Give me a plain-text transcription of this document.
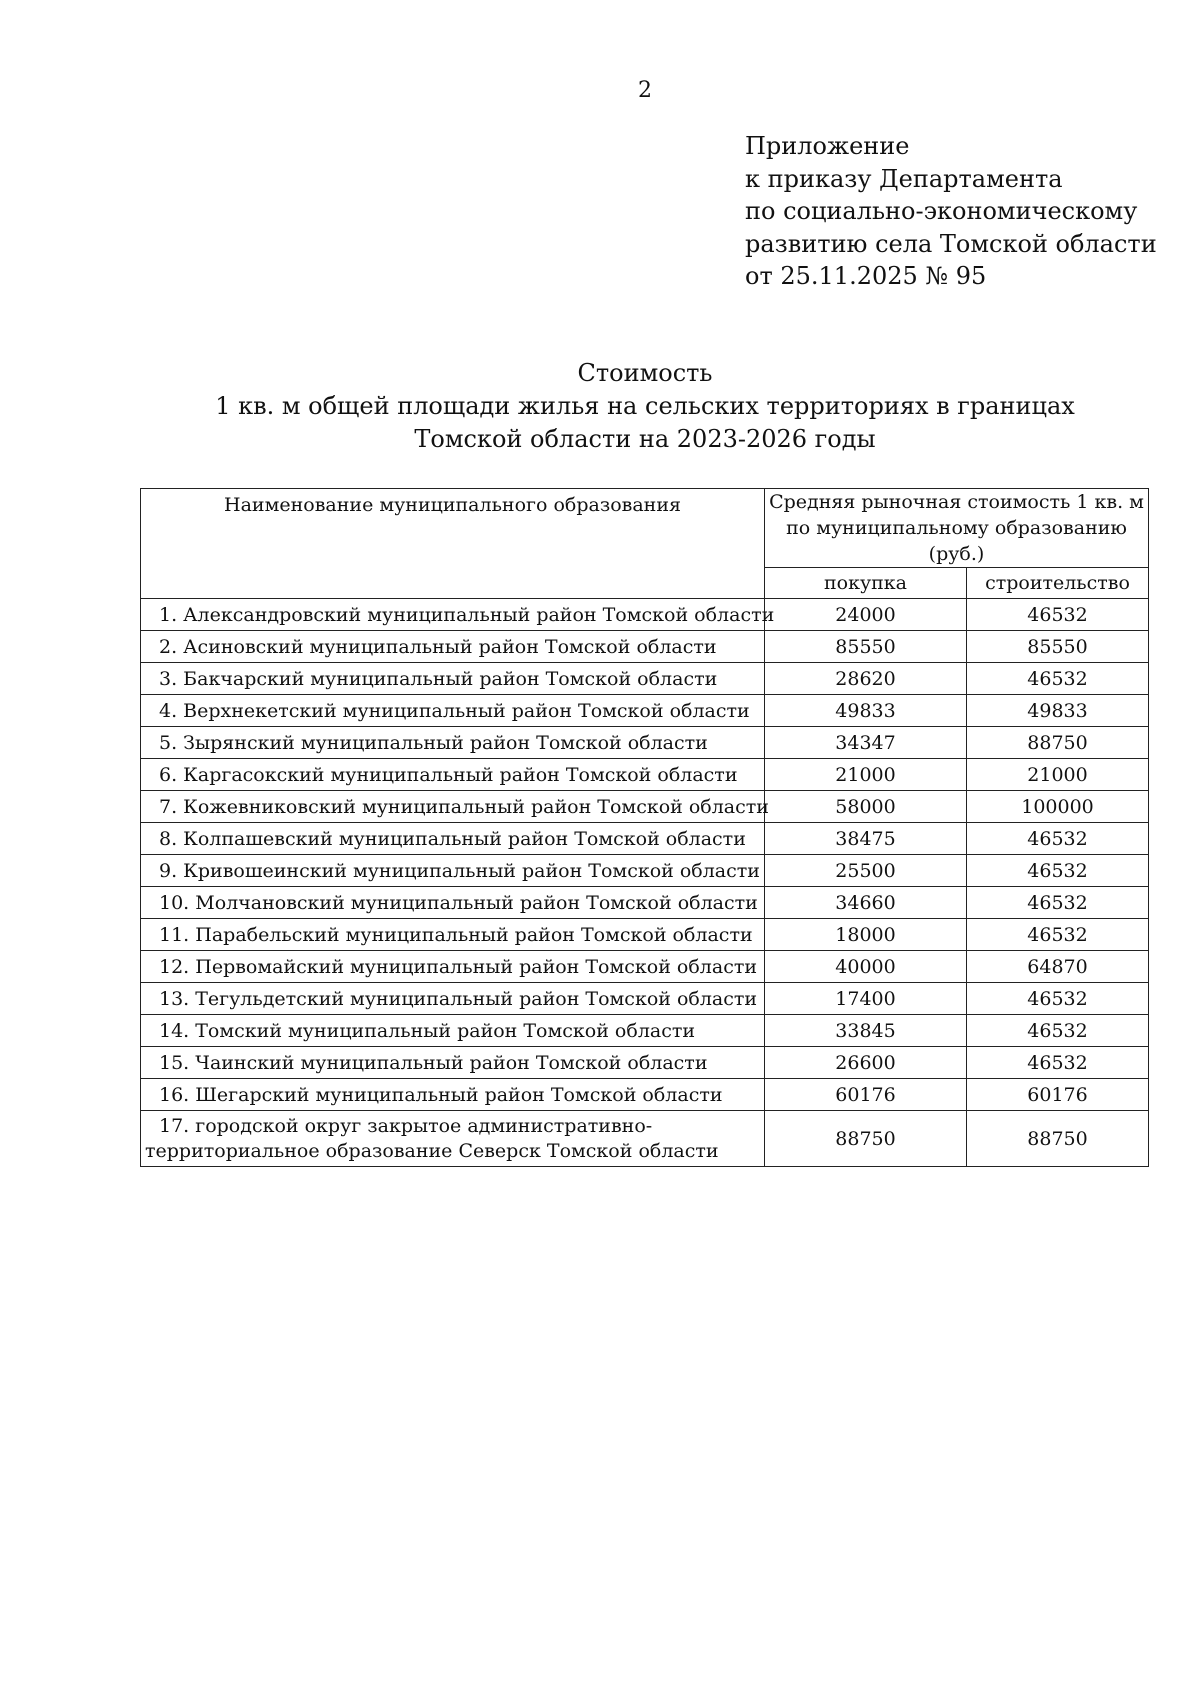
2
Приложение
к приказу Департамента
по социально-экономическому
развитию села Томской области
от 25.11.2025 № 95
Стоимость
1 кв. м общей площади жилья на сельских территориях в границах
Томской области на 2023-2026 годы
Наименование муниципального образования	Средняя рыночная стоимость 1 кв. м по муниципальному образованию (руб.)	
	покупка	строительство
1. Александровский муниципальный район Томской области	24000	46532
2. Асиновский муниципальный район Томской области	85550	85550
3. Бакчарский муниципальный район Томской области	28620	46532
4. Верхнекетский муниципальный район Томской области	49833	49833
5. Зырянский муниципальный район Томской области	34347	88750
6. Каргасокский муниципальный район Томской области	21000	21000
7. Кожевниковский муниципальный район Томской области	58000	100000
8. Колпашевский муниципальный район Томской области	38475	46532
9. Кривошеинский муниципальный район Томской области	25500	46532
10. Молчановский муниципальный район Томской области	34660	46532
11. Парабельский муниципальный район Томской области	18000	46532
12. Первомайский муниципальный район Томской области	40000	64870
13. Тегульдетский муниципальный район Томской области	17400	46532
14. Томский муниципальный район Томской области	33845	46532
15. Чаинский муниципальный район Томской области	26600	46532
16. Шегарский муниципальный район Томской области	60176	60176
17. городской округ закрытое административно-территориальное образование Северск Томской области	88750	88750
